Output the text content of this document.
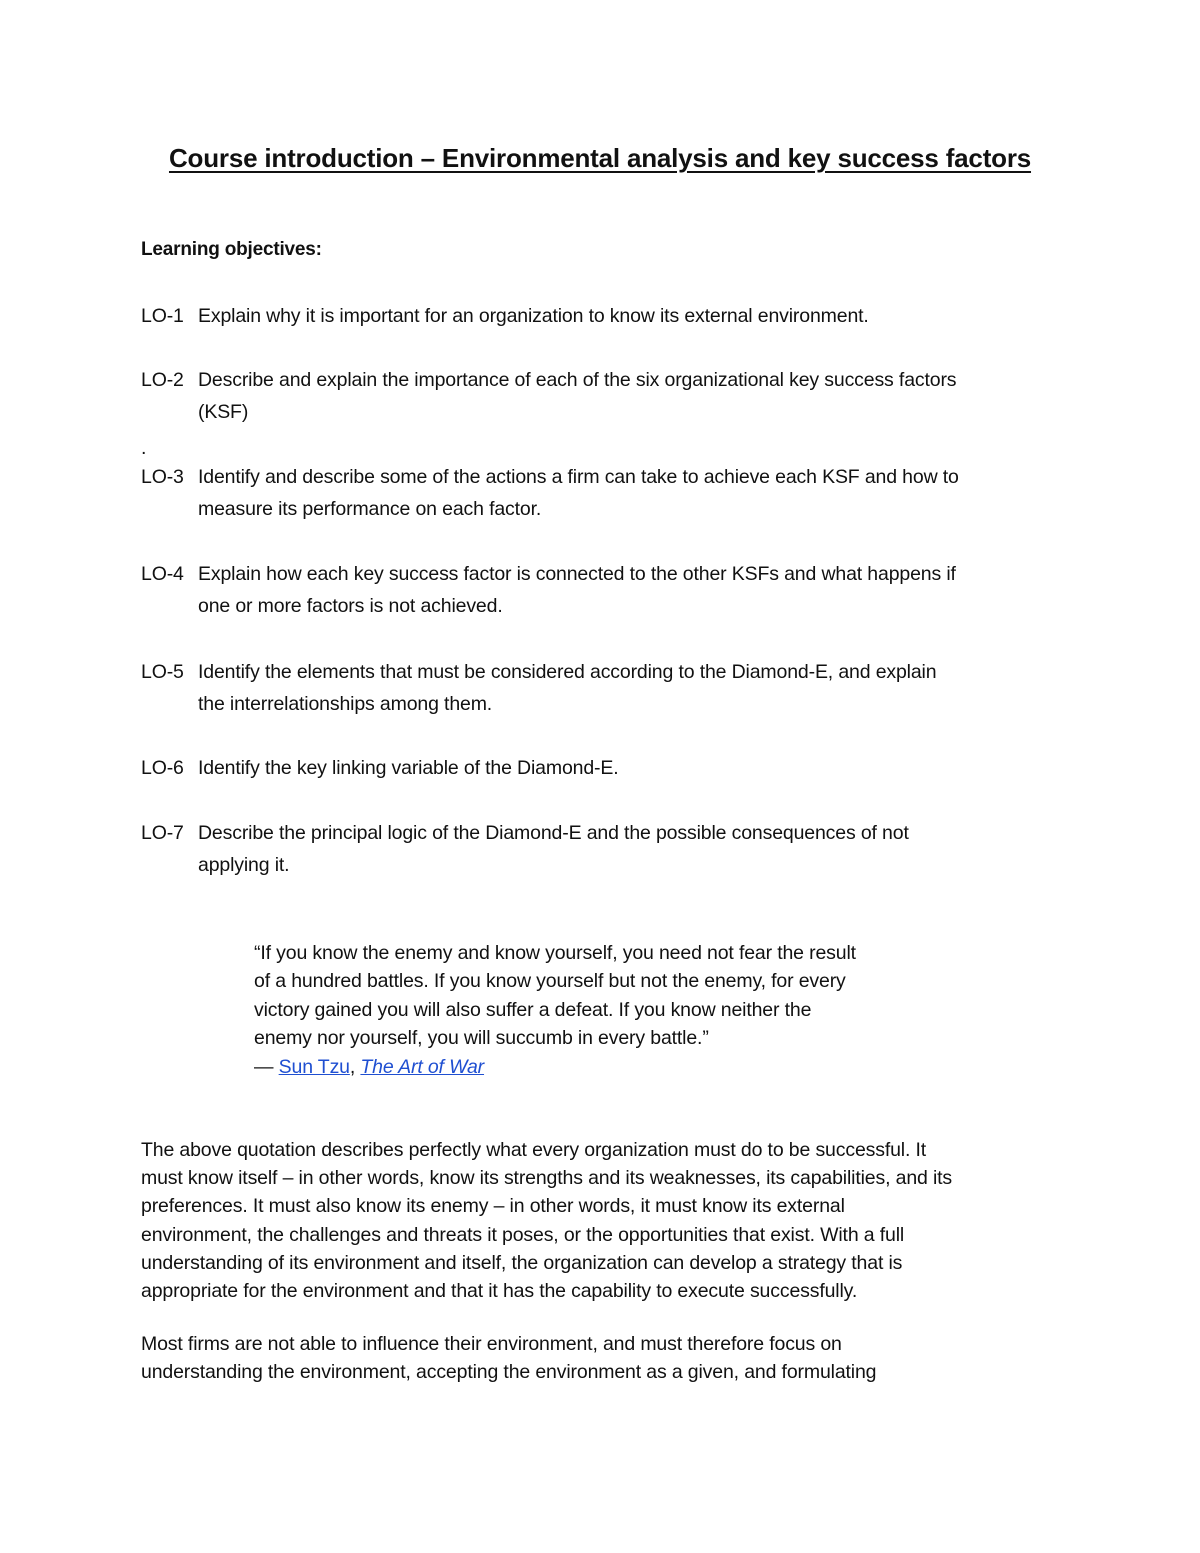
Course introduction – Environmental analysis and key success factors
Learning objectives:
LO-1 Explain why it is important for an organization to know its external environment.
LO-2 Describe and explain the importance of each of the six organizational key success factors
(KSF)
.
LO-3 Identify and describe some of the actions a firm can take to achieve each KSF and how to
measure its performance on each factor.
LO-4 Explain how each key success factor is connected to the other KSFs and what happens if
one or more factors is not achieved.
LO-5 Identify the elements that must be considered according to the Diamond-E, and explain
the interrelationships among them.
LO-6 Identify the key linking variable of the Diamond-E.
LO-7 Describe the principal logic of the Diamond-E and the possible consequences of not
applying it.
“If you know the enemy and know yourself, you need not fear the result
of a hundred battles. If you know yourself but not the enemy, for every
victory gained you will also suffer a defeat. If you know neither the
enemy nor yourself, you will succumb in every battle.”
— Sun Tzu, The Art of War
The above quotation describes perfectly what every organization must do to be successful. It
must know itself – in other words, know its strengths and its weaknesses, its capabilities, and its
preferences. It must also know its enemy – in other words, it must know its external
environment, the challenges and threats it poses, or the opportunities that exist. With a full
understanding of its environment and itself, the organization can develop a strategy that is
appropriate for the environment and that it has the capability to execute successfully.
Most firms are not able to influence their environment, and must therefore focus on
understanding the environment, accepting the environment as a given, and formulating
